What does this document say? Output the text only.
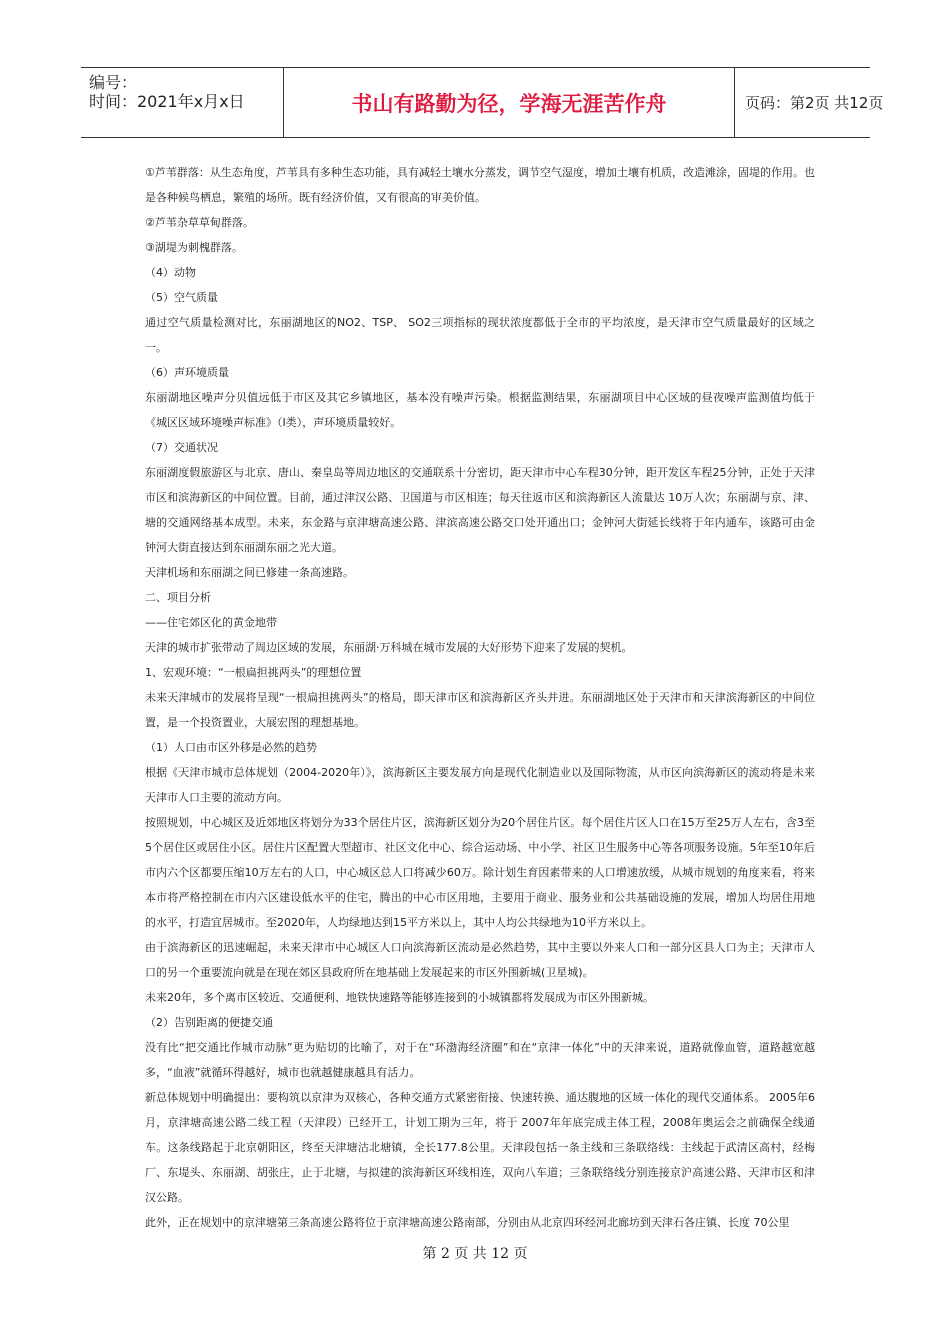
编号：
时间：2021年x月x日	书山有路勤为径，学海无涯苦作舟	页码：第2页 共12页

①芦苇群落：从生态角度，芦苇具有多种生态功能，具有减轻土壤水分蒸发，调节空气湿度，增加土壤有机质，改造滩涂，固堤的作用。也是各种候鸟栖息，繁殖的场所。既有经济价值，又有很高的审美价值。

②芦苇杂草草甸群落。

③湖堤为刺槐群落。

（4）动物

（5）空气质量

通过空气质量检测对比，东丽湖地区的NO2、TSP、 SO2三项指标的现状浓度都低于全市的平均浓度，是天津市空气质量最好的区域之一。

（6）声环境质量

东丽湖地区噪声分贝值远低于市区及其它乡镇地区，基本没有噪声污染。根据监测结果，东丽湖项目中心区域的昼夜噪声监测值均低于《城区区域环境噪声标准》（I类），声环境质量较好。

（7）交通状况

东丽湖度假旅游区与北京、唐山、秦皇岛等周边地区的交通联系十分密切，距天津市中心车程30分钟，距开发区车程25分钟，正处于天津市区和滨海新区的中间位置。目前，通过津汉公路、卫国道与市区相连；每天往返市区和滨海新区人流量达 10万人次；东丽湖与京、津、塘的交通网络基本成型。未来，东金路与京津塘高速公路、津滨高速公路交口处开通出口；金钟河大街延长线将于年内通车，该路可由金钟河大街直接达到东丽湖东丽之光大道。

天津机场和东丽湖之间已修建一条高速路。

二、项目分析

——住宅郊区化的黄金地带

天津的城市扩张带动了周边区域的发展，东丽湖·万科城在城市发展的大好形势下迎来了发展的契机。

1、宏观环境：“一根扁担挑两头”的理想位置

未来天津城市的发展将呈现“一根扁担挑两头”的格局，即天津市区和滨海新区齐头并进。东丽湖地区处于天津市和天津滨海新区的中间位置，是一个投资置业，大展宏图的理想基地。

（1）人口由市区外移是必然的趋势

根据《天津市城市总体规划（2004-2020年）》，滨海新区主要发展方向是现代化制造业以及国际物流，从市区向滨海新区的流动将是未来天津市人口主要的流动方向。

按照规划，中心城区及近郊地区将划分为33个居住片区，滨海新区划分为20个居住片区。每个居住片区人口在15万至25万人左右，含3至5个居住区或居住小区。居住片区配置大型超市、社区文化中心、综合运动场、中小学、社区卫生服务中心等各项服务设施。5年至10年后市内六个区都要压缩10万左右的人口，中心城区总人口将减少60万。除计划生育因素带来的人口增速放缓，从城市规划的角度来看，将来本市将严格控制在市内六区建设低水平的住宅，腾出的中心市区用地，主要用于商业、服务业和公共基础设施的发展，增加人均居住用地的水平，打造宜居城市。至2020年，人均绿地达到15平方米以上，其中人均公共绿地为10平方米以上。

由于滨海新区的迅速崛起，未来天津市中心城区人口向滨海新区流动是必然趋势，其中主要以外来人口和一部分区县人口为主；天津市人口的另一个重要流向就是在现在郊区县政府所在地基础上发展起来的市区外围新城(卫星城)。

未来20年，多个离市区较近、交通便利、地铁快速路等能够连接到的小城镇都将发展成为市区外围新城。

（2）告别距离的便捷交通

没有比“把交通比作城市动脉”更为贴切的比喻了，对于在“环渤海经济圈”和在“京津一体化”中的天津来说，道路就像血管，道路越宽越多，“血液”就循环得越好，城市也就越健康越具有活力。

新总体规划中明确提出：要构筑以京津为双核心，各种交通方式紧密衔接、快速转换、通达腹地的区域一体化的现代交通体系。 2005年6月，京津塘高速公路二线工程（天津段）已经开工，计划工期为三年，将于 2007年年底完成主体工程，2008年奥运会之前确保全线通车。这条线路起于北京朝阳区，终至天津塘沽北塘镇，全长177.8公里。天津段包括一条主线和三条联络线：主线起于武清区高村，经梅厂、东堤头、东丽湖、胡张庄，止于北塘，与拟建的滨海新区环线相连，双向八车道；三条联络线分别连接京沪高速公路、天津市区和津汉公路。

此外，正在规划中的京津塘第三条高速公路将位于京津塘高速公路南部，分别由从北京四环经河北廊坊到天津石各庄镇、长度 70公里

第 2 页 共 12 页
